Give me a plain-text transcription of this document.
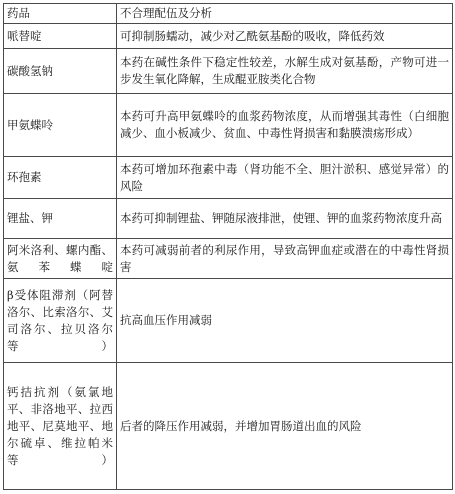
药品	不合理配伍及分析
哌替啶	可抑制肠蠕动，减少对乙酰氨基酚的吸收，降低药效
碳酸氢钠	本药在碱性条件下稳定性较差，水解生成对氨基酚，产物可进一步发生氧化降解，生成醌亚胺类化合物
甲氨蝶呤	本药可升高甲氨蝶呤的血浆药物浓度，从而增强其毒性（白细胞减少、血小板减少、贫血、中毒性肾损害和黏膜溃疡形成）
环孢素	本药可增加环孢素中毒（肾功能不全、胆汁淤积、感觉异常）的风险
锂盐、钾	本药可抑制锂盐、钾随尿液排泄，使锂、钾的血浆药物浓度升高
阿米洛利、螺内酯、氨苯蝶啶	本药可减弱前者的利尿作用，导致高钾血症或潜在的中毒性肾损害
β受体阻滞剂（阿替洛尔、比索洛尔、艾司洛尔、拉贝洛尔等）	抗高血压作用减弱
钙拮抗剂（氨氯地平、非洛地平、拉西地平、尼莫地平、地尔硫卓、维拉帕米等）	后者的降压作用减弱，并增加胃肠道出血的风险
